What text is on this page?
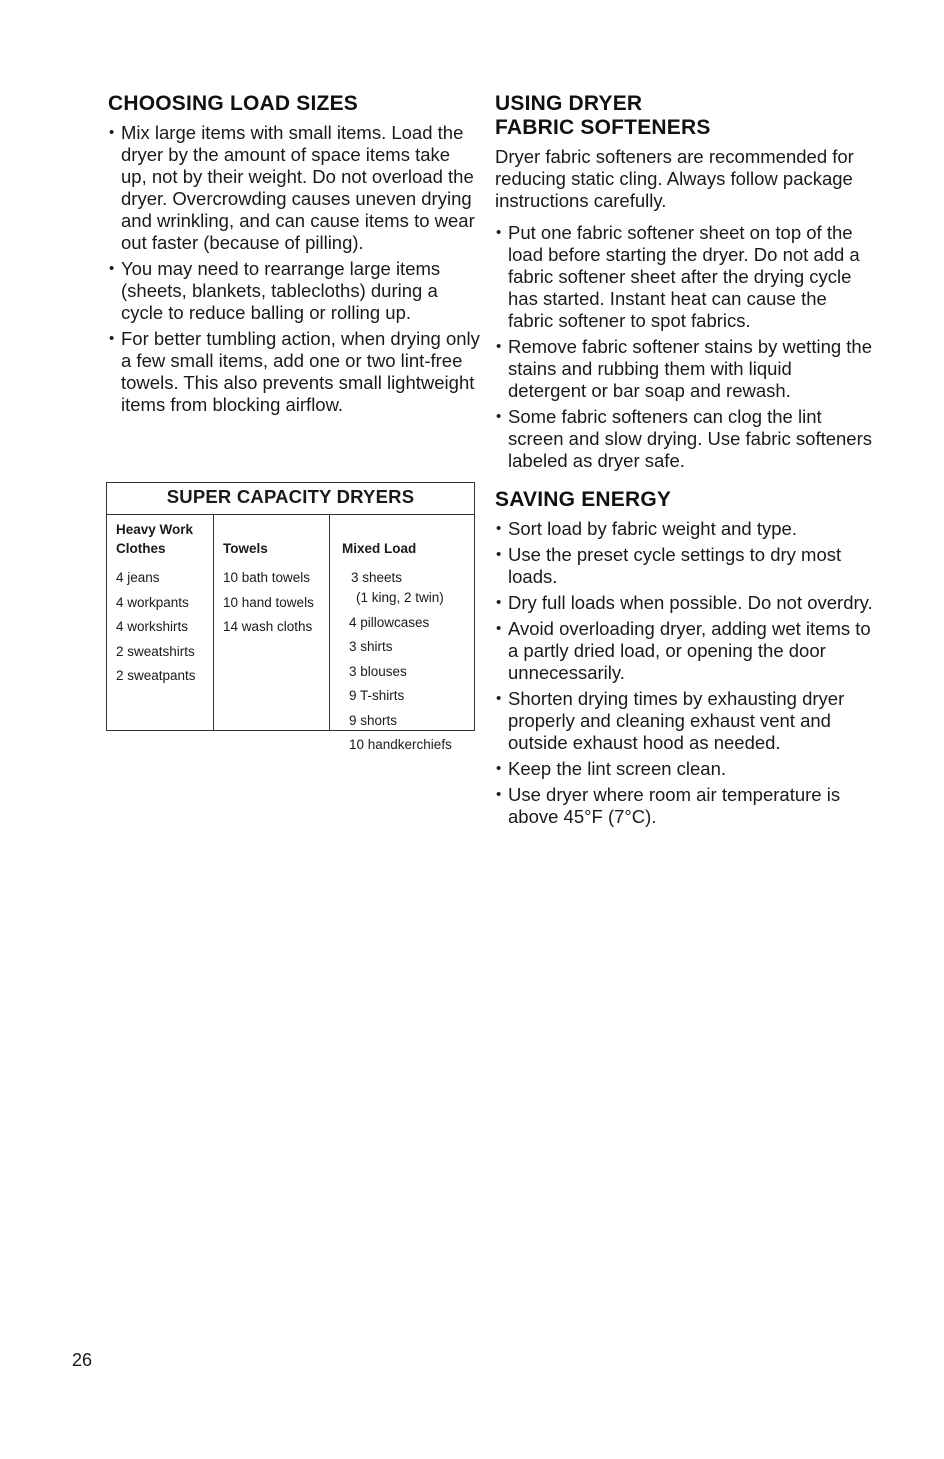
CHOOSING LOAD SIZES
• Mix large items with small items. Load the dryer by the amount of space items take up, not by their weight. Do not overload the dryer. Overcrowding causes uneven drying and wrinkling, and can cause items to wear out faster (because of pilling).
• You may need to rearrange large items (sheets, blankets, tablecloths) during a cycle to reduce balling or rolling up.
• For better tumbling action, when drying only a few small items, add one or two lint-free towels. This also prevents small lightweight items from blocking airflow.
SUPER CAPACITY DRYERS
Heavy Work
Clothes
4 jeans
4 workpants
4 workshirts
2 sweatshirts
2 sweatpants
Towels
10 bath towels
10 hand towels
14 wash cloths
Mixed Load
3 sheets
(1 king, 2 twin)
4 pillowcases
3 shirts
3 blouses
9 T-shirts
9 shorts
10 handkerchiefs
USING DRYER
FABRIC SOFTENERS

Dryer fabric softeners are recommended for reducing static cling. Always follow package instructions carefully.

• Put one fabric softener sheet on top of the load before starting the dryer. Do not add a fabric softener sheet after the drying cycle has started. Instant heat can cause the fabric softener to spot fabrics.
• Remove fabric softener stains by wetting the stains and rubbing them with liquid detergent or bar soap and rewash.
• Some fabric softeners can clog the lint screen and slow drying. Use fabric softeners labeled as dryer safe.
SAVING ENERGY
• Sort load by fabric weight and type.
• Use the preset cycle settings to dry most loads.
• Dry full loads when possible. Do not overdry.
• Avoid overloading dryer, adding wet items to a partly dried load, or opening the door unnecessarily.
• Shorten drying times by exhausting dryer properly and cleaning exhaust vent and outside exhaust hood as needed.
• Keep the lint screen clean.
• Use dryer where room air temperature is above 45°F (7°C).
26
